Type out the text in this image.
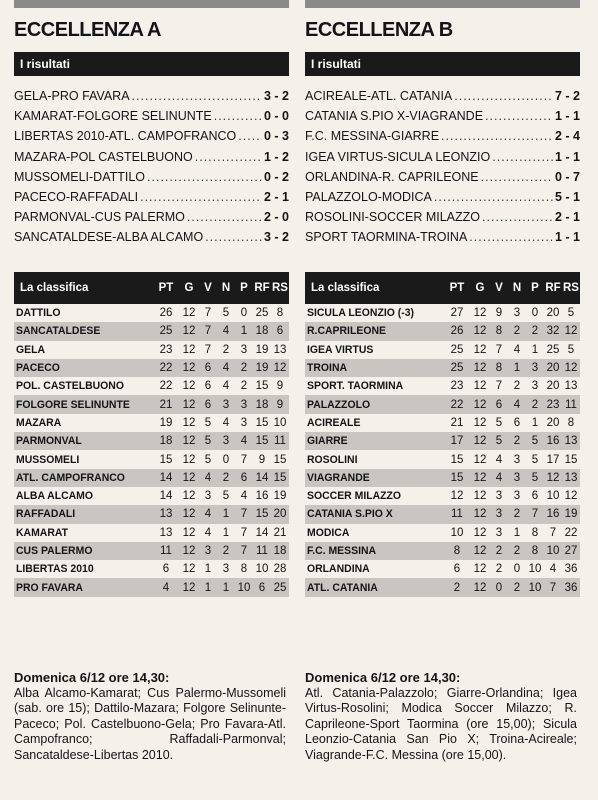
ECCELLENZA A
I risultati
GELA-PRO FAVARA .....	3 - 2
KAMARAT-FOLGORE SELINUNTE .....	0 - 0
LIBERTAS 2010-ATL. CAMPOFRANCO ..... 0 - 3
MAZARA-POL CASTELBUONO .....	1 - 2
MUSSOMELI-DATTILO .....	0 - 2
PACECO-RAFFADALI .....	2 - 1
PARMONVAL-CUS PALERMO .....	2 - 0
SANCATALDESE-ALBA ALCAMO .....	3 - 2
La classifica	PT G V N P RF RS
DATTILO	26 12 7	5	0 25 8
SANCATALDESE	25 12 7	4	1 18 6
GELA	23 12 7	2	3 19 13
PACECO	22 12 6	4	2 19 12
POL. CASTELBUONO	22 12 6	4	2 15 9
FOLGORE SELINUNTE	21 12 6	3	3 18 9
MAZARA	19 12 5	4	3 15 10
PARMONVAL	18 12 5	3	4 15 11
MUSSOMELI	15 12 5	0	7	9 15
ATL. CAMPOFRANCO	14 12 4	2	6 14 15
ALBA ALCAMO	14 12 3	5	4 16 19
RAFFADALI	13 12 4	1	7 15 20
KAMARAT	13 12 4	1	7 14 21
CUS PALERMO	11 12 3	2	7 11 18
LIBERTAS 2010	6	12 1	3	8 10 28
PRO FAVARA	4	12 1	1 10 6 25
Domenica 6/12 ore 14,30:
Alba Alcamo-Kamarat; Cus Palermo-Mussomeli (sab. ore 15); Dattilo-Mazara; Folgore Selinunte-Paceco; Pol. Castelbuono-Gela; Pro Favara-Atl. Campofranco; Raffadali-Parmonval; Sancataldese-Libertas 2010.
ECCELLENZA B
I risultati
ACIREALE-ATL. CATANIA .....	7 - 2
CATANIA S.PIO X-VIAGRANDE .....	1 - 1
F.C. MESSINA-GIARRE .....	2 - 4
IGEA VIRTUS-SICULA LEONZIO .....	1 - 1
ORLANDINA-R. CAPRILEONE .....	0 - 7
PALAZZOLO-MODICA .....	5 - 1
ROSOLINI-SOCCER MILAZZO .....	2 - 1
SPORT TAORMINA-TROINA .....	1 - 1
La classifica	PT G V N P RF RS
SICULA LEONZIO (-3)	27 12 9	3	0 20 5
R.CAPRILEONE	26 12 8	2	2 32 12
IGEA VIRTUS	25 12 7	4	1 25 5
TROINA	25 12 8	1	3 20 12
SPORT. TAORMINA	23 12 7	2	3 20 13
PALAZZOLO	22 12 6	4	2 23 11
ACIREALE	21 12 5	6	1 20 8
GIARRE	17 12 5	2	5 16 13
ROSOLINI	15 12 4	3	5 17 15
VIAGRANDE	15 12 4	3	5 12 13
SOCCER MILAZZO	12 12 3	3	6 10 12
CATANIA S.PIO X	11 12 3	2	7 16 19
MODICA	10 12 3	1	8	7 22
F.C. MESSINA	8	12 2	2	8 10 27
ORLANDINA	6	12 2	0 10 4 36
ATL. CATANIA	2	12 0	2 10 7 36
Domenica 6/12 ore 14,30:
Atl. Catania-Palazzolo; Giarre-Orlandina; Igea Virtus-Rosolini; Modica Soccer Milazzo; R. Caprileone-Sport Taormina (ore 15,00); Sicula Leonzio-Catania San Pio X; Troina-Acireale; Viagrande-F.C. Messina (ore 15,00).
